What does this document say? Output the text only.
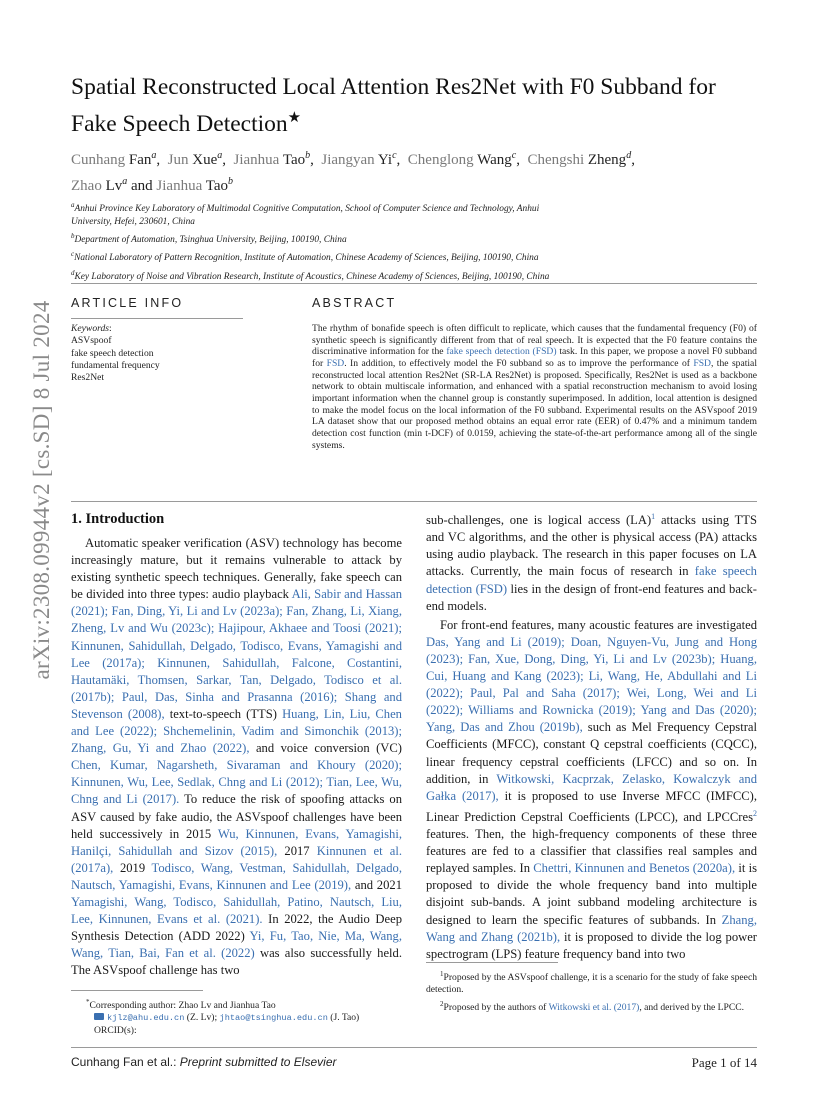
arXiv:2308.09944v2 [cs.SD] 8 Jul 2024
Spatial Reconstructed Local Attention Res2Net with F0 Subband for
Fake Speech Detection★
Cunhang Fan$^a$,  Jun Xue$^a$,  Jianhua Tao$^b$,  Jiangyan Yi$^c$,  Chenglong Wang$^c$,  Chengshi Zheng$^d$,
Zhao Lv$^a$ and Jianhua Tao$^b$
$^a$Anhui Province Key Laboratory of Multimodal Cognitive Computation, School of Computer Science and Technology, Anhui
University, Hefei, 230601, China
$^b$Department of Automation, Tsinghua University, Beijing, 100190, China
$^c$National Laboratory of Pattern Recognition, Institute of Automation, Chinese Academy of Sciences, Beijing, 100190, China
$^d$Key Laboratory of Noise and Vibration Research, Institute of Acoustics, Chinese Academy of Sciences, Beijing, 100190, China
ARTICLE INFO	ABSTRACT
Keywords:
ASVspoof
fake speech detection
fundamental frequency
Res2Net
The rhythm of bonafide speech is often difficult to replicate, which causes that the fundamental frequency (F0) of synthetic speech is significantly different from that of real speech. It is expected that the F0 feature contains the discriminative information for the fake speech detection (FSD) task. In this paper, we propose a novel F0 subband for FSD. In addition, to effectively model the F0 subband so as to improve the performance of FSD, the spatial reconstructed local attention Res2Net (SR-LA Res2Net) is proposed. Specifically, Res2Net is used as a backbone network to obtain multiscale information, and enhanced with a spatial reconstruction mechanism to avoid losing important information when the channel group is constantly superimposed. In addition, local attention is designed to make the model focus on the local information of the F0 subband. Experimental results on the ASVspoof 2019 LA dataset show that our proposed method obtains an equal error rate (EER) of 0.47% and a minimum tandem detection cost function (min t-DCF) of 0.0159, achieving the state-of-the-art performance among all of the single systems.
1. Introduction

Automatic speaker verification (ASV) technology has become increasingly mature, but it remains vulnerable to attack by existing synthetic speech techniques. Generally, fake speech can be divided into three types: audio playback Ali, Sabir and Hassan (2021); Fan, Ding, Yi, Li and Lv (2023a); Fan, Zhang, Li, Xiang, Zheng, Lv and Wu (2023c); Hajipour, Akhaee and Toosi (2021); Kinnunen, Sahidullah, Delgado, Todisco, Evans, Yamagishi and Lee (2017a); Kinnunen, Sahidullah, Falcone, Costantini, Hautamäki, Thomsen, Sarkar, Tan, Delgado, Todisco et al. (2017b); Paul, Das, Sinha and Prasanna (2016); Shang and Stevenson (2008), text-to-speech (TTS) Huang, Lin, Liu, Chen and Lee (2022); Shchemelinin, Vadim and Simonchik (2013); Zhang, Gu, Yi and Zhao (2022), and voice conversion (VC) Chen, Kumar, Nagarsheth, Sivaraman and Khoury (2020); Kinnunen, Wu, Lee, Sedlak, Chng and Li (2012); Tian, Lee, Wu, Chng and Li (2017). To reduce the risk of spoofing attacks on ASV caused by fake audio, the ASVspoof challenges have been held successively in 2015 Wu, Kinnunen, Evans, Yamagishi, Hanilçi, Sahidullah and Sizov (2015), 2017 Kinnunen et al. (2017a), 2019 Todisco, Wang, Vestman, Sahidullah, Delgado, Nautsch, Yamagishi, Evans, Kinnunen and Lee (2019), and 2021 Yamagishi, Wang, Todisco, Sahidullah, Patino, Nautsch, Liu, Lee, Kinnunen, Evans et al. (2021). In 2022, the Audio Deep Synthesis Detection (ADD 2022) Yi, Fu, Tao, Nie, Ma, Wang, Wang, Tian, Bai, Fan et al. (2022) was also successfully held. The ASVspoof challenge has two

*Corresponding author: Zhao Lv and Jianhua Tao
kjlz@ahu.edu.cn (Z. Lv); jhtao@tsinghua.edu.cn (J. Tao)
ORCID(s):

sub-challenges, one is logical access (LA)$^1$ attacks using TTS and VC algorithms, and the other is physical access (PA) attacks using audio playback. The research in this paper focuses on LA attacks. Currently, the main focus of research in fake speech detection (FSD) lies in the design of front-end features and back-end models.

For front-end features, many acoustic features are investigated Das, Yang and Li (2019); Doan, Nguyen-Vu, Jung and Hong (2023); Fan, Xue, Dong, Ding, Yi, Li and Lv (2023b); Huang, Cui, Huang and Kang (2023); Li, Wang, He, Abdullahi and Li (2022); Paul, Pal and Saha (2017); Wei, Long, Wei and Li (2022); Williams and Rownicka (2019); Yang and Das (2020); Yang, Das and Zhou (2019b), such as Mel Frequency Cepstral Coefficients (MFCC), constant Q cepstral coefficients (CQCC), linear frequency cepstral coefficients (LFCC) and so on. In addition, in Witkowski, Kacprzak, Zelasko, Kowalczyk and Gałka (2017), it is proposed to use Inverse MFCC (IMFCC), Linear Prediction Cepstral Coefficients (LPCC), and LPCCres$^2$ features. Then, the high-frequency components of these three features are fed to a classifier that classifies real samples and replayed samples. In Chettri, Kinnunen and Benetos (2020a), it is proposed to divide the whole frequency band into multiple disjoint sub-bands. A joint subband modeling architecture is designed to learn the specific features of subbands. In Zhang, Wang and Zhang (2021b), it is proposed to divide the log power spectrogram (LPS) feature frequency band into two

$^1$Proposed by the ASVspoof challenge, it is a scenario for the study of fake speech detection.
$^2$Proposed by the authors of Witkowski et al. (2017), and derived by the LPCC.
Cunhang Fan et al.: Preprint submitted to Elsevier	Page 1 of 14
